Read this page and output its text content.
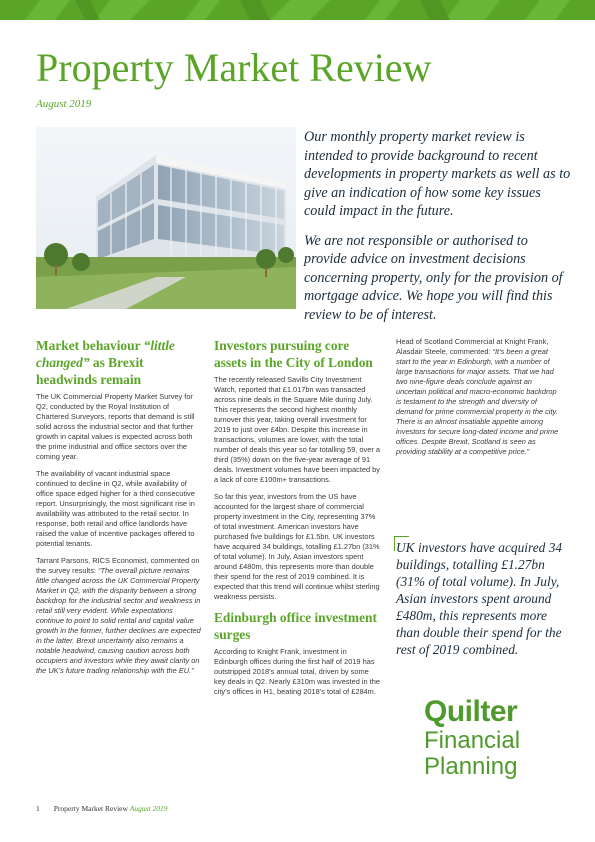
Property Market Review
August 2019

Our monthly property market review is intended to provide background to recent developments in property markets as well as to give an indication of how some key issues could impact in the future.

We are not responsible or authorised to provide advice on investment decisions concerning property, only for the provision of mortgage advice. We hope you will find this review to be of interest.

Market behaviour “little changed” as Brexit headwinds remain

The UK Commercial Property Market Survey for Q2, conducted by the Royal Institution of Chartered Surveyors, reports that demand is still solid across the industrial sector and that further growth in capital values is expected across both the prime industrial and office sectors over the coming year.

The availability of vacant industrial space continued to decline in Q2, while availability of office space edged higher for a third consecutive report. Unsurprisingly, the most significant rise in availability was attributed to the retail sector. In response, both retail and office landlords have raised the value of incentive packages offered to potential tenants.

Tarrant Parsons, RICS Economist, commented on the survey results: “The overall picture remains little changed across the UK Commercial Property Market in Q2, with the disparity between a strong backdrop for the industrial sector and weakness in retail still very evident. While expectations continue to point to solid rental and capital value growth in the former, further declines are expected in the latter. Brexit uncertainty also remains a notable headwind, causing caution across both occupiers and investors while they await clarity on the UK’s future trading relationship with the EU.”

Investors pursuing core assets in the City of London

The recently released Savills City Investment Watch, reported that £1.017bn was transacted across nine deals in the Square Mile during July. This represents the second highest monthly turnover this year, taking overall investment for 2019 to just over £4bn. Despite this increase in transactions, volumes are lower, with the total number of deals this year so far totalling 59, over a third (35%) down on the five-year average of 91 deals. Investment volumes have been impacted by a lack of core £100m+ transactions.

So far this year, investors from the US have accounted for the largest share of commercial property investment in the City, representing 37% of total investment. American investors have purchased five buildings for £1.5bn. UK investors have acquired 34 buildings, totalling £1.27bn (31% of total volume). In July, Asian investors spent around £480m, this represents more than double their spend for the rest of 2019 combined. It is expected that this trend will continue whilst sterling weakness persists.

Edinburgh office investment surges

According to Knight Frank, investment in Edinburgh offices during the first half of 2019 has outstripped 2018’s annual total, driven by some key deals in Q2. Nearly £310m was invested in the city’s offices in H1, beating 2018’s total of £284m.

Head of Scotland Commercial at Knight Frank, Alasdair Steele, commented: “It’s been a great start to the year in Edinburgh, with a number of large transactions for major assets. That we had two nine-figure deals conclude against an uncertain political and macro-economic backdrop is testament to the strength and diversity of demand for prime commercial property in the city. There is an almost insatiable appetite among investors for secure long-dated income and prime offices. Despite Brexit, Scotland is seen as providing stability at a competitive price.”

UK investors have acquired 34 buildings, totalling £1.27bn (31% of total volume). In July, Asian investors spent around £480m, this represents more than double their spend for the rest of 2019 combined.
Quilter
Financial
Planning
1 Property Market Review August 2019
